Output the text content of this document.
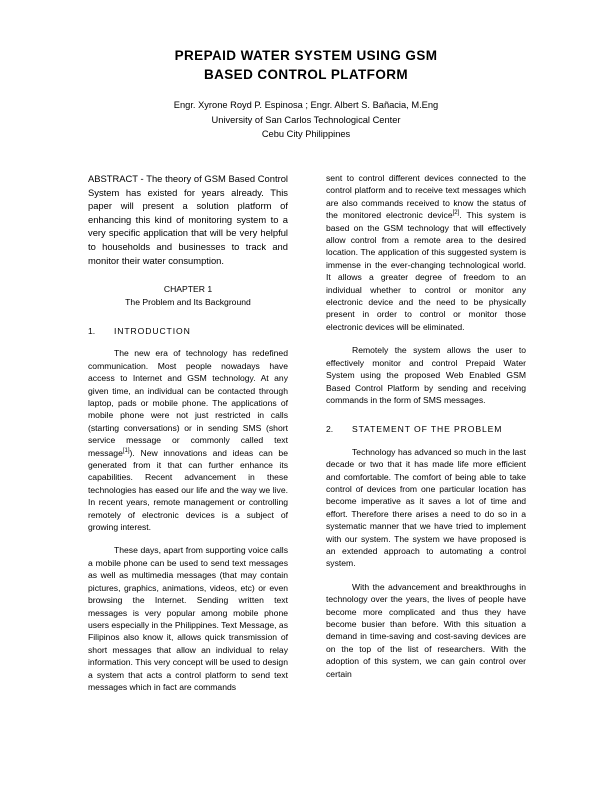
PREPAID WATER SYSTEM USING GSM
BASED CONTROL PLATFORM
Engr. Xyrone Royd P. Espinosa ; Engr. Albert S. Bañacia, M.Eng
University of San Carlos Technological Center
Cebu City Philippines

ABSTRACT - The theory of GSM Based Control System has existed for years already. This paper will present a solution platform of enhancing this kind of monitoring system to a very specific application that will be very helpful to households and businesses to track and monitor their water consumption.

CHAPTER 1

The Problem and Its Background

1.	INTRODUCTION

The new era of technology has redefined communication. Most people nowadays have access to Internet and GSM technology. At any given time, an individual can be contacted through laptop, pads or mobile phone. The applications of mobile phone were not just restricted in calls (starting conversations) or in sending SMS (short service message or commonly called text message[1]). New innovations and ideas can be generated from it that can further enhance its capabilities. Recent advancement in these technologies has eased our life and the way we live. In recent years, remote management or controlling remotely of electronic devices is a subject of growing interest.

These days, apart from supporting voice calls a mobile phone can be used to send text messages as well as multimedia messages (that may contain pictures, graphics, animations, videos, etc) or even browsing the Internet. Sending written text messages is very popular among mobile phone users especially in the Philippines. Text Message, as Filipinos also know it, allows quick transmission of short messages that allow an individual to relay information. This very concept will be used to design a system that acts a control platform to send text messages which in fact are commands

sent to control different devices connected to the control platform and to receive text messages which are also commands received to know the status of the monitored electronic device[2]. This system is based on the GSM technology that will effectively allow control from a remote area to the desired location. The application of this suggested system is immense in the ever-changing technological world. It allows a greater degree of freedom to an individual whether to control or monitor any electronic device and the need to be physically present in order to control or monitor those electronic devices will be eliminated.

Remotely the system allows the user to effectively monitor and control Prepaid Water System using the proposed Web Enabled GSM Based Control Platform by sending and receiving commands in the form of SMS messages.

2.	STATEMENT OF THE PROBLEM

Technology has advanced so much in the last decade or two that it has made life more efficient and comfortable. The comfort of being able to take control of devices from one particular location has become imperative as it saves a lot of time and effort. Therefore there arises a need to do so in a systematic manner that we have tried to implement with our system. The system we have proposed is an extended approach to automating a control system.

With the advancement and breakthroughs in technology over the years, the lives of people have become more complicated and thus they have become busier than before. With this situation a demand in time-saving and cost-saving devices are on the top of the list of researchers. With the adoption of this system, we can gain control over certain
